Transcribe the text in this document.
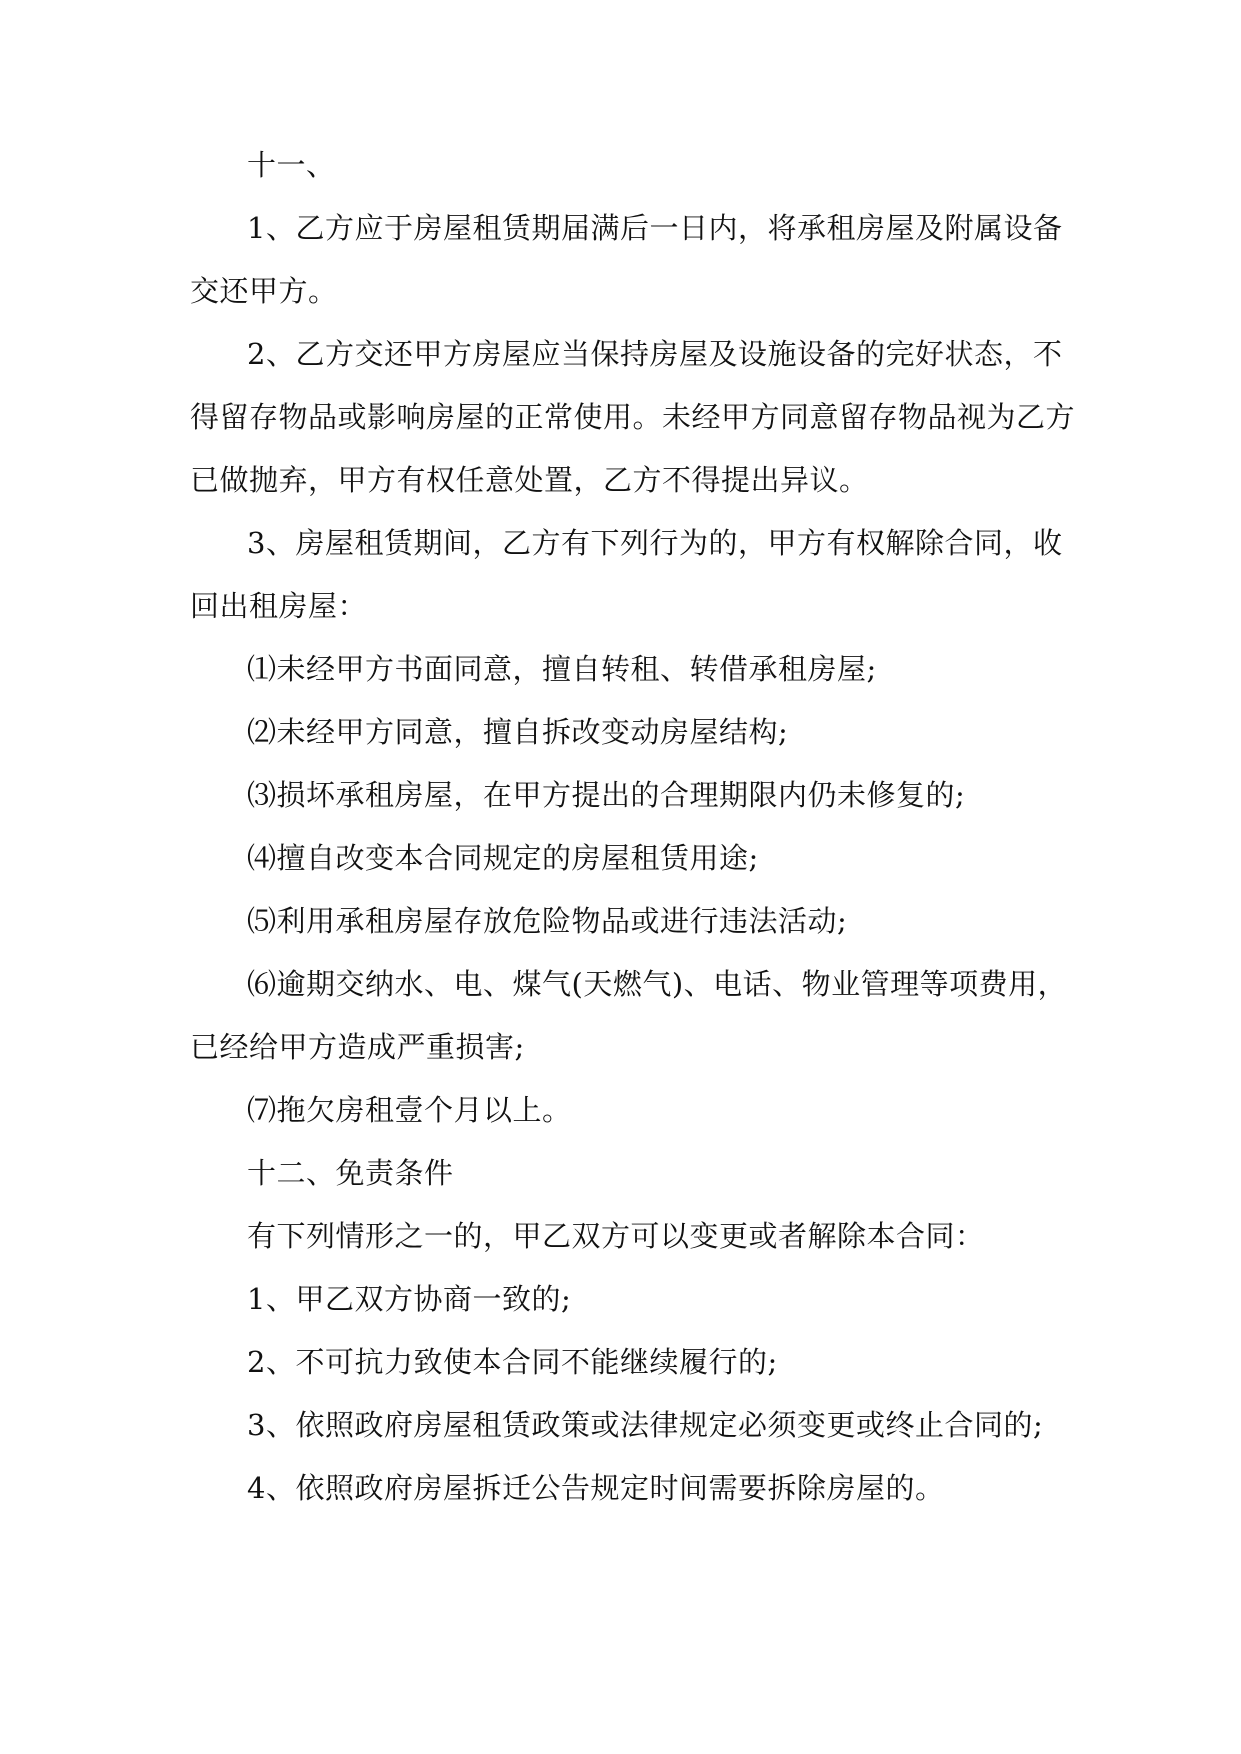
十一、
1、乙方应于房屋租赁期届满后一日内，将承租房屋及附属设备
交还甲方。
2、乙方交还甲方房屋应当保持房屋及设施设备的完好状态，不
得留存物品或影响房屋的正常使用。未经甲方同意留存物品视为乙方
已做抛弃，甲方有权任意处置，乙方不得提出异议。
3、房屋租赁期间，乙方有下列行为的，甲方有权解除合同，收
回出租房屋：
⑴未经甲方书面同意，擅自转租、转借承租房屋;
⑵未经甲方同意，擅自拆改变动房屋结构;
⑶损坏承租房屋，在甲方提出的合理期限内仍未修复的;
⑷擅自改变本合同规定的房屋租赁用途;
⑸利用承租房屋存放危险物品或进行违法活动;
⑹逾期交纳水、电、煤气(天燃气)、电话、物业管理等项费用，
已经给甲方造成严重损害;
⑺拖欠房租壹个月以上。
十二、免责条件
有下列情形之一的，甲乙双方可以变更或者解除本合同：
1、甲乙双方协商一致的;
2、不可抗力致使本合同不能继续履行的;
3、依照政府房屋租赁政策或法律规定必须变更或终止合同的;
4、依照政府房屋拆迁公告规定时间需要拆除房屋的。
